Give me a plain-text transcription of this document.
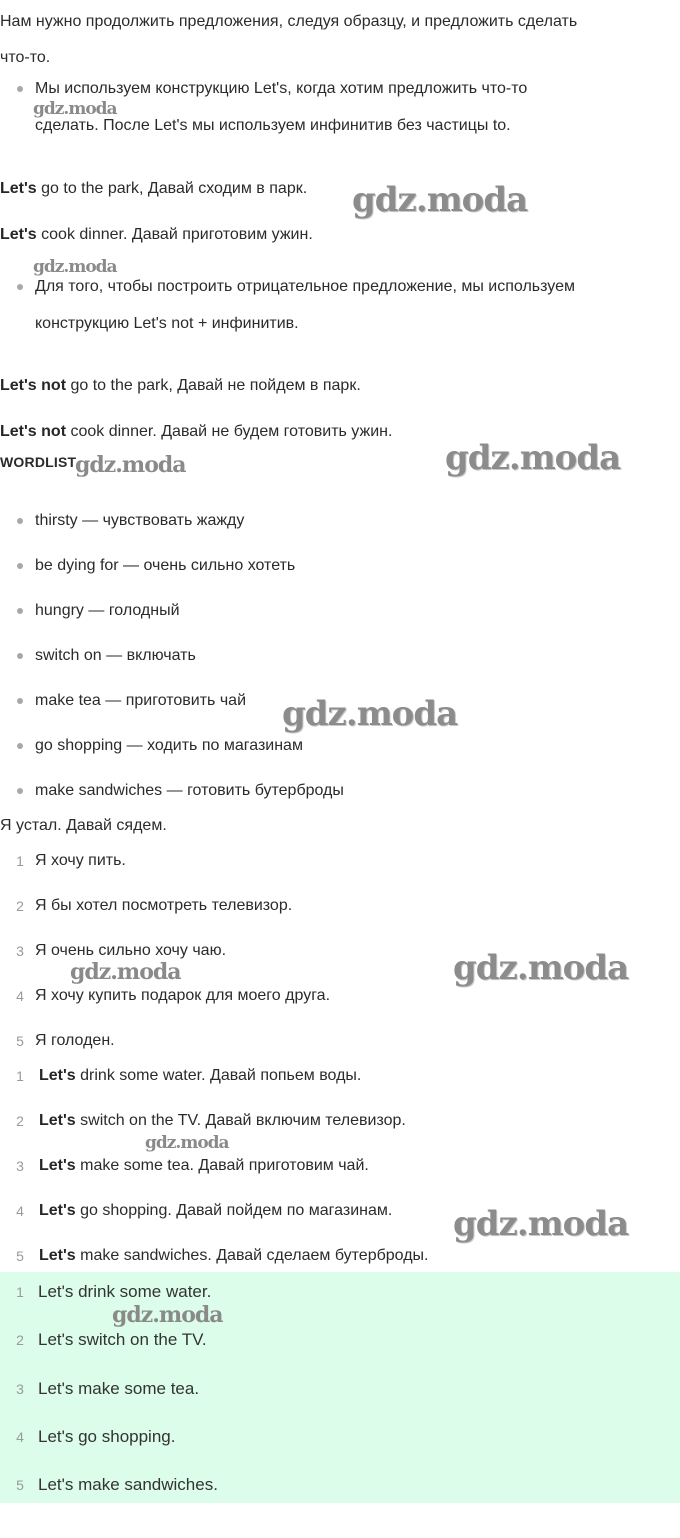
Нам нужно продолжить предложения, следуя образцу, и предложить сделать
что-то.
Мы используем конструкцию Let's, когда хотим предложить что-то
сделать. После Let's мы используем инфинитив без частицы to.
Let's go to the park, Давай сходим в парк.
Let's cook dinner. Давай приготовим ужин.
Для того, чтобы построить отрицательное предложение, мы используем
конструкцию Let's not + инфинитив.
Let's not go to the park, Давай не пойдем в парк.
Let's not cook dinner. Давай не будем готовить ужин.
WORDLIST
thirsty — чувствовать жажду
be dying for — очень сильно хотеть
hungry — голодный
switch on — включать
make tea — приготовить чай
go shopping — ходить по магазинам
make sandwiches — готовить бутерброды
Я устал. Давай сядем.
1 Я хочу пить.
2 Я бы хотел посмотреть телевизор.
3 Я очень сильно хочу чаю.
4 Я хочу купить подарок для моего друга.
5 Я голоден.
1 Let's drink some water. Давай попьем воды.
2 Let's switch on the TV. Давай включим телевизор.
3 Let's make some tea. Давай приготовим чай.
4 Let's go shopping. Давай пойдем по магазинам.
5 Let's make sandwiches. Давай сделаем бутерброды.
1 Let's drink some water.
2 Let's switch on the TV.
3 Let's make some tea.
4 Let's go shopping.
5 Let's make sandwiches.
gdz.moda
gdz.moda
gdz.moda
gdz.moda	gdz.moda
gdz.moda
gdz.moda	gdz.moda
gdz.moda
gdz.moda
gdz.moda
